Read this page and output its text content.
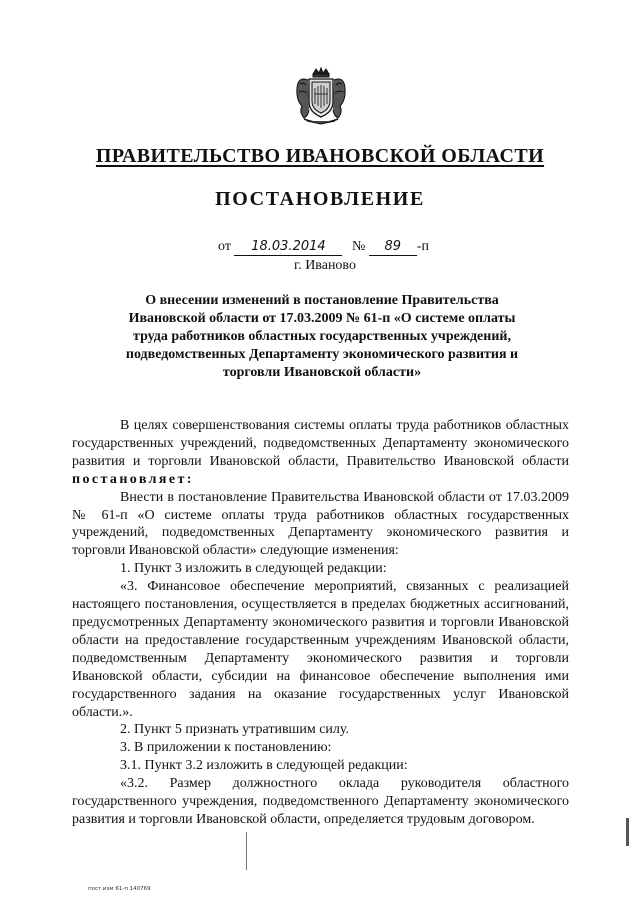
ПРАВИТЕЛЬСТВО ИВАНОВСКОЙ ОБЛАСТИ
ПОСТАНОВЛЕНИЕ
от 18.03.2014 № 89 -п
г. Иваново
О внесении изменений в постановление Правительства Ивановской области от 17.03.2009 № 61-п «О системе оплаты труда работников областных государственных учреждений, подведомственных Департаменту экономического развития и торговли Ивановской области»

В целях совершенствования системы оплаты труда работников областных государственных учреждений, подведомственных Департаменту экономического развития и торговли Ивановской области, Правительство Ивановской области постановляет:

Внести в постановление Правительства Ивановской области от 17.03.2009 № 61-п «О системе оплаты труда работников областных государственных учреждений, подведомственных Департаменту экономического развития и торговли Ивановской области» следующие изменения:

1. Пункт 3 изложить в следующей редакции:

«3. Финансовое обеспечение мероприятий, связанных с реализацией настоящего постановления, осуществляется в пределах бюджетных ассигнований, предусмотренных Департаменту экономического развития и торговли Ивановской области на предоставление государственным учреждениям Ивановской области, подведомственным Департаменту экономического развития и торговли Ивановской области, субсидии на финансовое обеспечение выполнения ими государственного задания на оказание государственных услуг Ивановской области.».

2. Пункт 5 признать утратившим силу.

3. В приложении к постановлению:

3.1. Пункт 3.2 изложить в следующей редакции:

«3.2. Размер должностного оклада руководителя областного государственного учреждения, подведомственного Департаменту экономического развития и торговли Ивановской области, определяется трудовым договором.

пост.изм 61-п 140769
